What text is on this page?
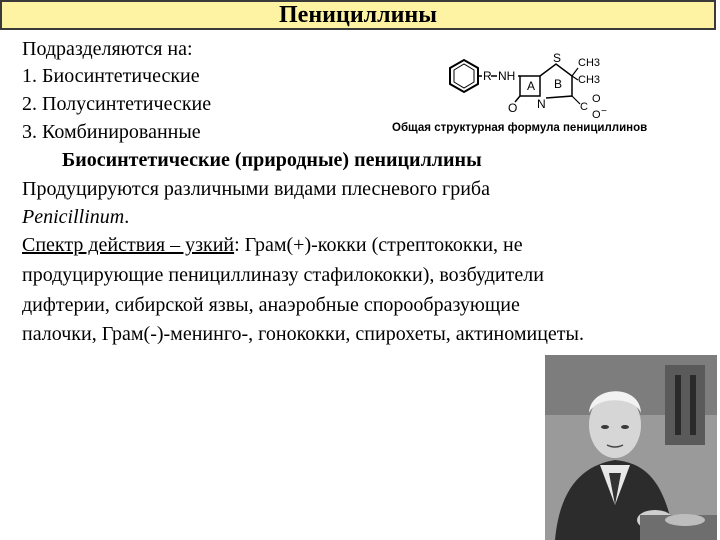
Пенициллины
Подразделяются на:
1. Биосинтетические
2. Полусинтетические
3. Комбинированные
R NH
A
O N
S
B
CH3
CH3
C
O
O −
Общая структурная формула пенициллинов
Биосинтетические (природные) пенициллины
Продуцируются различными видами плесневого гриба
Penicillinum.
Спектр действия – узкий: Грам(+)-кокки (стрептококки, не
продуцирующие пенициллиназу стафилококки), возбудители
дифтерии, сибирской язвы, анаэробные спорообразующие
палочки, Грам(-)-менинго-, гонококки, спирохеты, актиномицеты.
